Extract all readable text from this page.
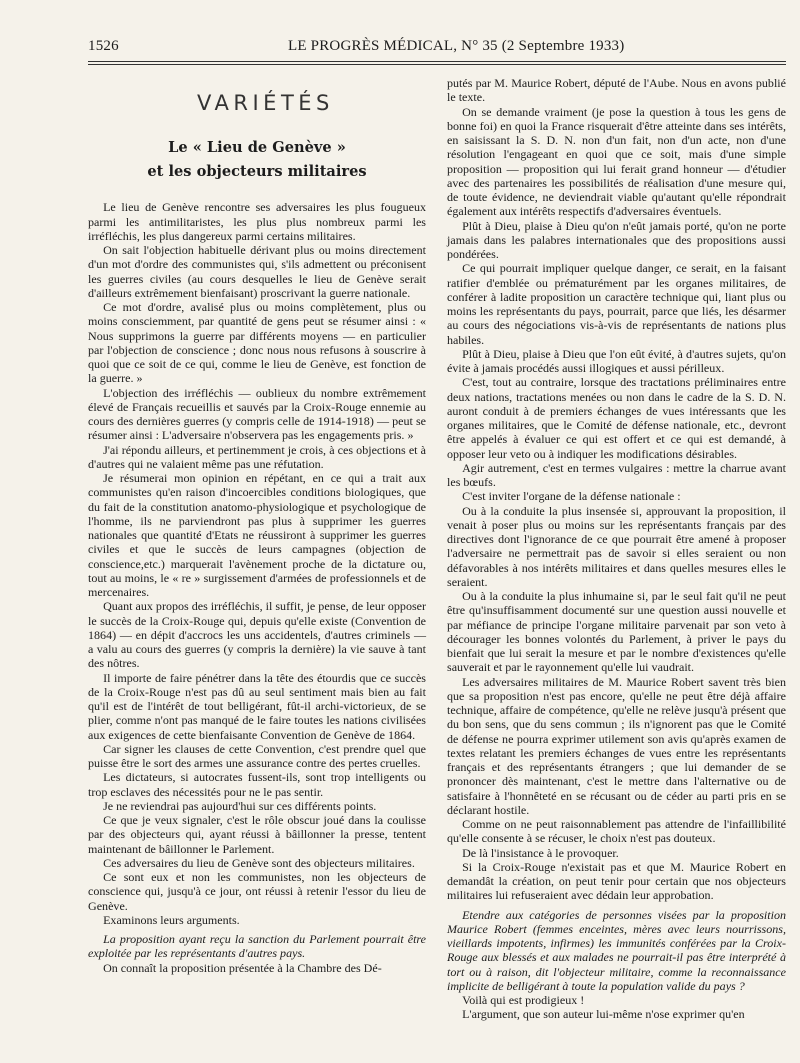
1526	LE PROGRÈS MÉDICAL, N° 35 (2 Septembre 1933)
VARIÉTÉS
Le « Lieu de Genève »
et les objecteurs militaires

Le lieu de Genève rencontre ses adversaires les plus fougueux parmi les antimilitaristes, les plus plus nombreux parmi les irréfléchis, les plus dangereux parmi certains militaires.

On sait l'objection habituelle dérivant plus ou moins directement d'un mot d'ordre des communistes qui, s'ils admettent ou préconisent les guerres civiles (au cours desquelles le lieu de Genève serait d'ailleurs extrêmement bienfaisant) proscrivant la guerre nationale.

Ce mot d'ordre, avalisé plus ou moins complètement, plus ou moins consciemment, par quantité de gens peut se résumer ainsi : « Nous supprimons la guerre par différents moyens — en particulier par l'objection de conscience ; donc nous nous refusons à souscrire à quoi que ce soit de ce qui, comme le lieu de Genève, est fonction de la guerre. »

L'objection des irréfléchis — oublieux du nombre extrêmement élevé de Français recueillis et sauvés par la Croix-Rouge ennemie au cours des dernières guerres (y compris celle de 1914-1918) — peut se résumer ainsi : L'adversaire n'observera pas les engagements pris. »

J'ai répondu ailleurs, et pertinemment je crois, à ces objections et à d'autres qui ne valaient même pas une réfutation.

Je résumerai mon opinion en répétant, en ce qui a trait aux communistes qu'en raison d'incoercibles conditions biologiques, que du fait de la constitution anatomo-physiologique et psychologique de l'homme, ils ne parviendront pas plus à supprimer les guerres nationales que quantité d'Etats ne réussiront à supprimer les guerres civiles et que le succès de leurs campagnes (objection de conscience,etc.) marquerait l'avènement proche de la dictature ou, tout au moins, le « re » surgissement d'armées de professionnels et de mercenaires.

Quant aux propos des irréfléchis, il suffit, je pense, de leur opposer le succès de la Croix-Rouge qui, depuis qu'elle existe (Convention de 1864) — en dépit d'accrocs les uns accidentels, d'autres criminels — a valu au cours des guerres (y compris la dernière) la vie sauve à tant des nôtres.

Il importe de faire pénétrer dans la tête des étourdis que ce succès de la Croix-Rouge n'est pas dû au seul sentiment mais bien au fait qu'il est de l'intérêt de tout belligérant, fût-il archi-victorieux, de se plier, comme n'ont pas manqué de le faire toutes les nations civilisées aux exigences de cette bienfaisante Convention de Genève de 1864.

Car signer les clauses de cette Convention, c'est prendre quel que puisse être le sort des armes une assurance contre des pertes cruelles.

Les dictateurs, si autocrates fussent-ils, sont trop intelligents ou trop esclaves des nécessités pour ne le pas sentir.

Je ne reviendrai pas aujourd'hui sur ces différents points.

Ce que je veux signaler, c'est le rôle obscur joué dans la coulisse par des objecteurs qui, ayant réussi à bâillonner la presse, tentent maintenant de bâillonner le Parlement.

Ces adversaires du lieu de Genève sont des objecteurs militaires.

Ce sont eux et non les communistes, non les objecteurs de conscience qui, jusqu'à ce jour, ont réussi à retenir l'essor du lieu de Genève.

Examinons leurs arguments.

La proposition ayant reçu la sanction du Parlement pourrait être exploitée par les représentants d'autres pays.

On connaît la proposition présentée à la Chambre des Dé-

putés par M. Maurice Robert, député de l'Aube. Nous en avons publié le texte.

On se demande vraiment (je pose la question à tous les gens de bonne foi) en quoi la France risquerait d'être atteinte dans ses intérêts, en saisissant la S. D. N. non d'un fait, non d'un acte, non d'une résolution l'engageant en quoi que ce soit, mais d'une simple proposition — proposition qui lui ferait grand honneur — d'étudier avec des partenaires les possibilités de réalisation d'une mesure qui, de toute évidence, ne deviendrait viable qu'autant qu'elle répondrait également aux intérêts respectifs d'adversaires éventuels.

Plût à Dieu, plaise à Dieu qu'on n'eût jamais porté, qu'on ne porte jamais dans les palabres internationales que des propositions aussi pondérées.

Ce qui pourrait impliquer quelque danger, ce serait, en la faisant ratifier d'emblée ou prématurément par les organes militaires, de conférer à ladite proposition un caractère technique qui, liant plus ou moins les représentants du pays, pourrait, parce que liés, les désarmer au cours des négociations vis-à-vis de représentants de nations plus habiles.

Plût à Dieu, plaise à Dieu que l'on eût évité, à d'autres sujets, qu'on évite à jamais procédés aussi illogiques et aussi périlleux.

C'est, tout au contraire, lorsque des tractations préliminaires entre deux nations, tractations menées ou non dans le cadre de la S. D. N. auront conduit à de premiers échanges de vues intéressants que les organes militaires, que le Comité de défense nationale, etc., devront être appelés à évaluer ce qui est offert et ce qui est demandé, à opposer leur veto ou à indiquer les modifications désirables.

Agir autrement, c'est en termes vulgaires : mettre la charrue avant les bœufs.

C'est inviter l'organe de la défense nationale :

Ou à la conduite la plus insensée si, approuvant la proposition, il venait à poser plus ou moins sur les représentants français par des directives dont l'ignorance de ce que pourrait être amené à proposer l'adversaire ne permettrait pas de savoir si elles seraient ou non défavorables à nos intérêts militaires et dans quelles mesures elles le seraient.

Ou à la conduite la plus inhumaine si, par le seul fait qu'il ne peut être qu'insuffisamment documenté sur une question aussi nouvelle et par méfiance de principe l'organe militaire parvenait par son veto à décourager les bonnes volontés du Parlement, à priver le pays du bienfait que lui serait la mesure et par le nombre d'existences qu'elle sauverait et par le rayonnement qu'elle lui vaudrait.

Les adversaires militaires de M. Maurice Robert savent très bien que sa proposition n'est pas encore, qu'elle ne peut être déjà affaire technique, affaire de compétence, qu'elle ne relève jusqu'à présent que du bon sens, que du sens commun ; ils n'ignorent pas que le Comité de défense ne pourra exprimer utilement son avis qu'après examen de textes relatant les premiers échanges de vues entre les représentants français et des représentants étrangers ; que lui demander de se prononcer dès maintenant, c'est le mettre dans l'alternative ou de satisfaire à l'honnêteté en se récusant ou de céder au parti pris en se déclarant hostile.

Comme on ne peut raisonnablement pas attendre de l'infaillibilité qu'elle consente à se récuser, le choix n'est pas douteux.

De là l'insistance à le provoquer.

Si la Croix-Rouge n'existait pas et que M. Maurice Robert en demandât la création, on peut tenir pour certain que nos objecteurs militaires lui refuseraient avec dédain leur approbation.

Etendre aux catégories de personnes visées par la proposition Maurice Robert (femmes enceintes, mères avec leurs nourrissons, vieillards impotents, infirmes) les immunités conférées par la Croix-Rouge aux blessés et aux malades ne pourrait-il pas être interprété à tort ou à raison, dit l'objecteur militaire, comme la reconnaissance implicite de belligérant à toute la population valide du pays ?

Voilà qui est prodigieux !

L'argument, que son auteur lui-même n'ose exprimer qu'en
